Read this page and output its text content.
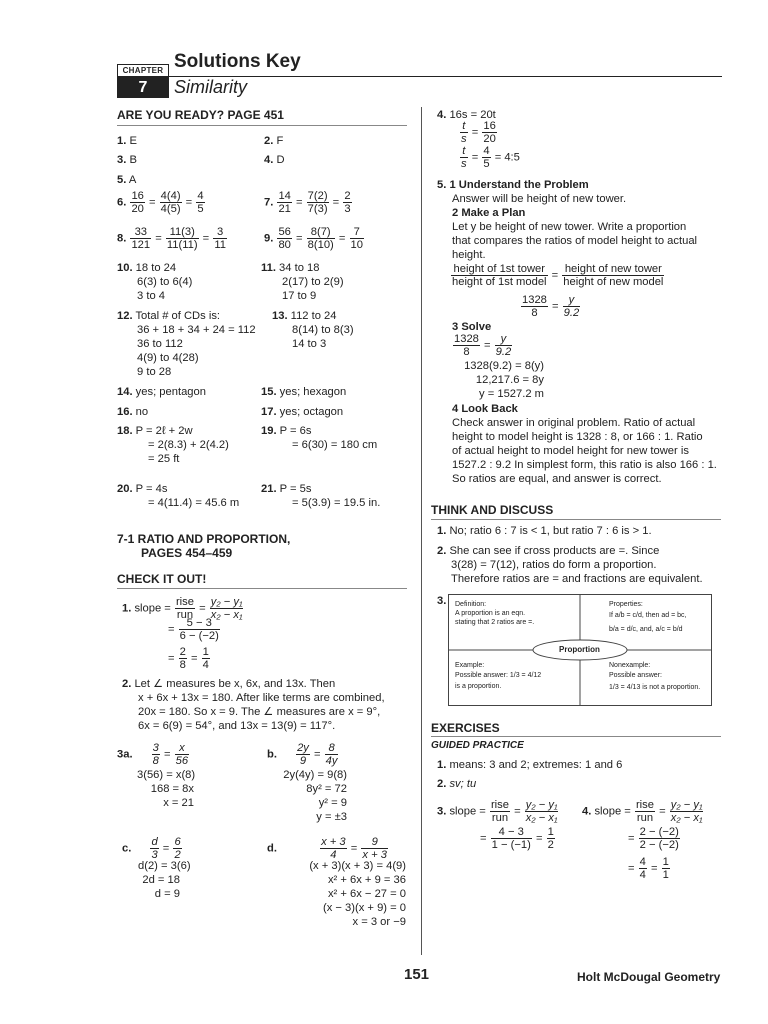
CHAPTER
7
Solutions Key
Similarity
ARE YOU READY? PAGE 451
1. E	2. F
3. B	4. D
5. A
6. $\frac{16}{20} = \frac{4(4)}{4(5)} = \frac{4}{5}$	7. $\frac{14}{21} = \frac{7(2)}{7(3)} = \frac{2}{3}$
8. $\frac{33}{121} = \frac{11(3)}{11(11)} = \frac{3}{11}$	9. $\frac{56}{80} = \frac{8(7)}{8(10)} = \frac{7}{10}$
10. 18 to 24
6(3) to 6(4)
3 to 4
11. 34 to 18
2(17) to 2(9)
17 to 9
12. Total # of CDs is:
36 + 18 + 34 + 24 = 112
36 to 112
4(9) to 4(28)
9 to 28
13. 112 to 24
8(14) to 8(3)
14 to 3
14. yes; pentagon	15. yes; hexagon
16. no	17. yes; octagon
18. P = 2ℓ + 2w
= 2(8.3) + 2(4.2)
= 25 ft
19. P = 6s
= 6(30) = 180 cm
20. P = 4s
= 4(11.4) = 45.6 m
21. P = 5s
= 5(3.9) = 19.5 in.
7-1 RATIO AND PROPORTION,
PAGES 454–459
CHECK IT OUT!
1. slope = $\frac{\text{rise}}{\text{run}} = \frac{\text{y₂ − y₁}}{\text{x₂ − x₁}}$
= $\frac{5 - 3}{6 - (-2)}$
= $\frac{2}{8} = \frac{1}{4}$
2. Let ∠ measures be x, 6x, and 13x. Then
x + 6x + 13x = 180. After like terms are combined,
20x = 180. So x = 9. The ∠ measures are x = 9°,
6x = 6(9) = 54°, and 13x = 13(9) = 117°.
3a. $\frac{3}{8} = \frac{x}{56}$
3(56) = x(8)
168 = 8x
x = 21
b. $\frac{2y}{9} = \frac{8}{4y}$
2y(4y) = 9(8)
8y² = 72
y² = 9
y = ±3
c. $\frac{d}{3} = \frac{6}{2}$
d(2) = 3(6)
2d = 18
d = 9
d.	$\frac{x + 3}{4} = \frac{9}{x + 3}$
(x + 3)(x + 3) = 4(9)
x² + 6x + 9 = 36
x² + 6x − 27 = 0
(x − 3)(x + 9) = 0
x = 3 or −9
4. 16s = 20t
$\frac{t}{s} = \frac{16}{20}$
$\frac{t}{s} = \frac{4}{5}$ = 4:5
5. 1 Understand the Problem
Answer will be height of new tower.
2 Make a Plan
Let y be height of new tower. Write a proportion
that compares the ratios of model height to actual
height.
$\frac{\text{height of 1st tower}}{\text{height of 1st model}} = \frac{\text{height of new tower}}{\text{height of new model}}$
$\frac{1328}{8} = \frac{y}{9.2}$
3 Solve
$\frac{1328}{8} = \frac{y}{9.2}$
1328(9.2) = 8(y)
12,217.6 = 8y
y = 1527.2 m
4 Look Back
Check answer in original problem. Ratio of actual
height to model height is 1328 : 8, or 166 : 1. Ratio
of actual height to model height for new tower is
1527.2 : 9.2 In simplest form, this ratio is also 166 : 1.
So ratios are equal, and answer is correct.
THINK AND DISCUSS
1. No; ratio 6 : 7 is < 1, but ratio 7 : 6 is > 1.
2. She can see if cross products are =. Since
3(28) = 7(12), ratios do form a proportion.
Therefore ratios are = and fractions are equivalent.
3. Definition:
A proportion is an eqn.
stating that 2 ratios are =.
Properties:
If a/b = c/d, then ad = bc,
b/a = d/c, and, a/c = b/d
Proportion
Example:
Possible answer: 1/3 = 4/12
is a proportion.
Nonexample:
Possible answer:
1/3 = 4/13 is not a proportion.
EXERCISES
GUIDED PRACTICE
1. means: 3 and 2; extremes: 1 and 6
2. sv; tu
3. slope = $\frac{\text{rise}}{\text{run}} = \frac{\text{y₂ − y₁}}{\text{x₂ − x₁}}$
= $\frac{4 - 3}{1 - (-1)} = \frac{1}{2}$
4. slope = $\frac{\text{rise}}{\text{run}} = \frac{\text{y₂ − y₁}}{\text{x₂ − x₁}}$
= $\frac{2 - (-2)}{2 - (-2)}$
= $\frac{4}{4} = \frac{1}{1}$
151	Holt McDougal Geometry
